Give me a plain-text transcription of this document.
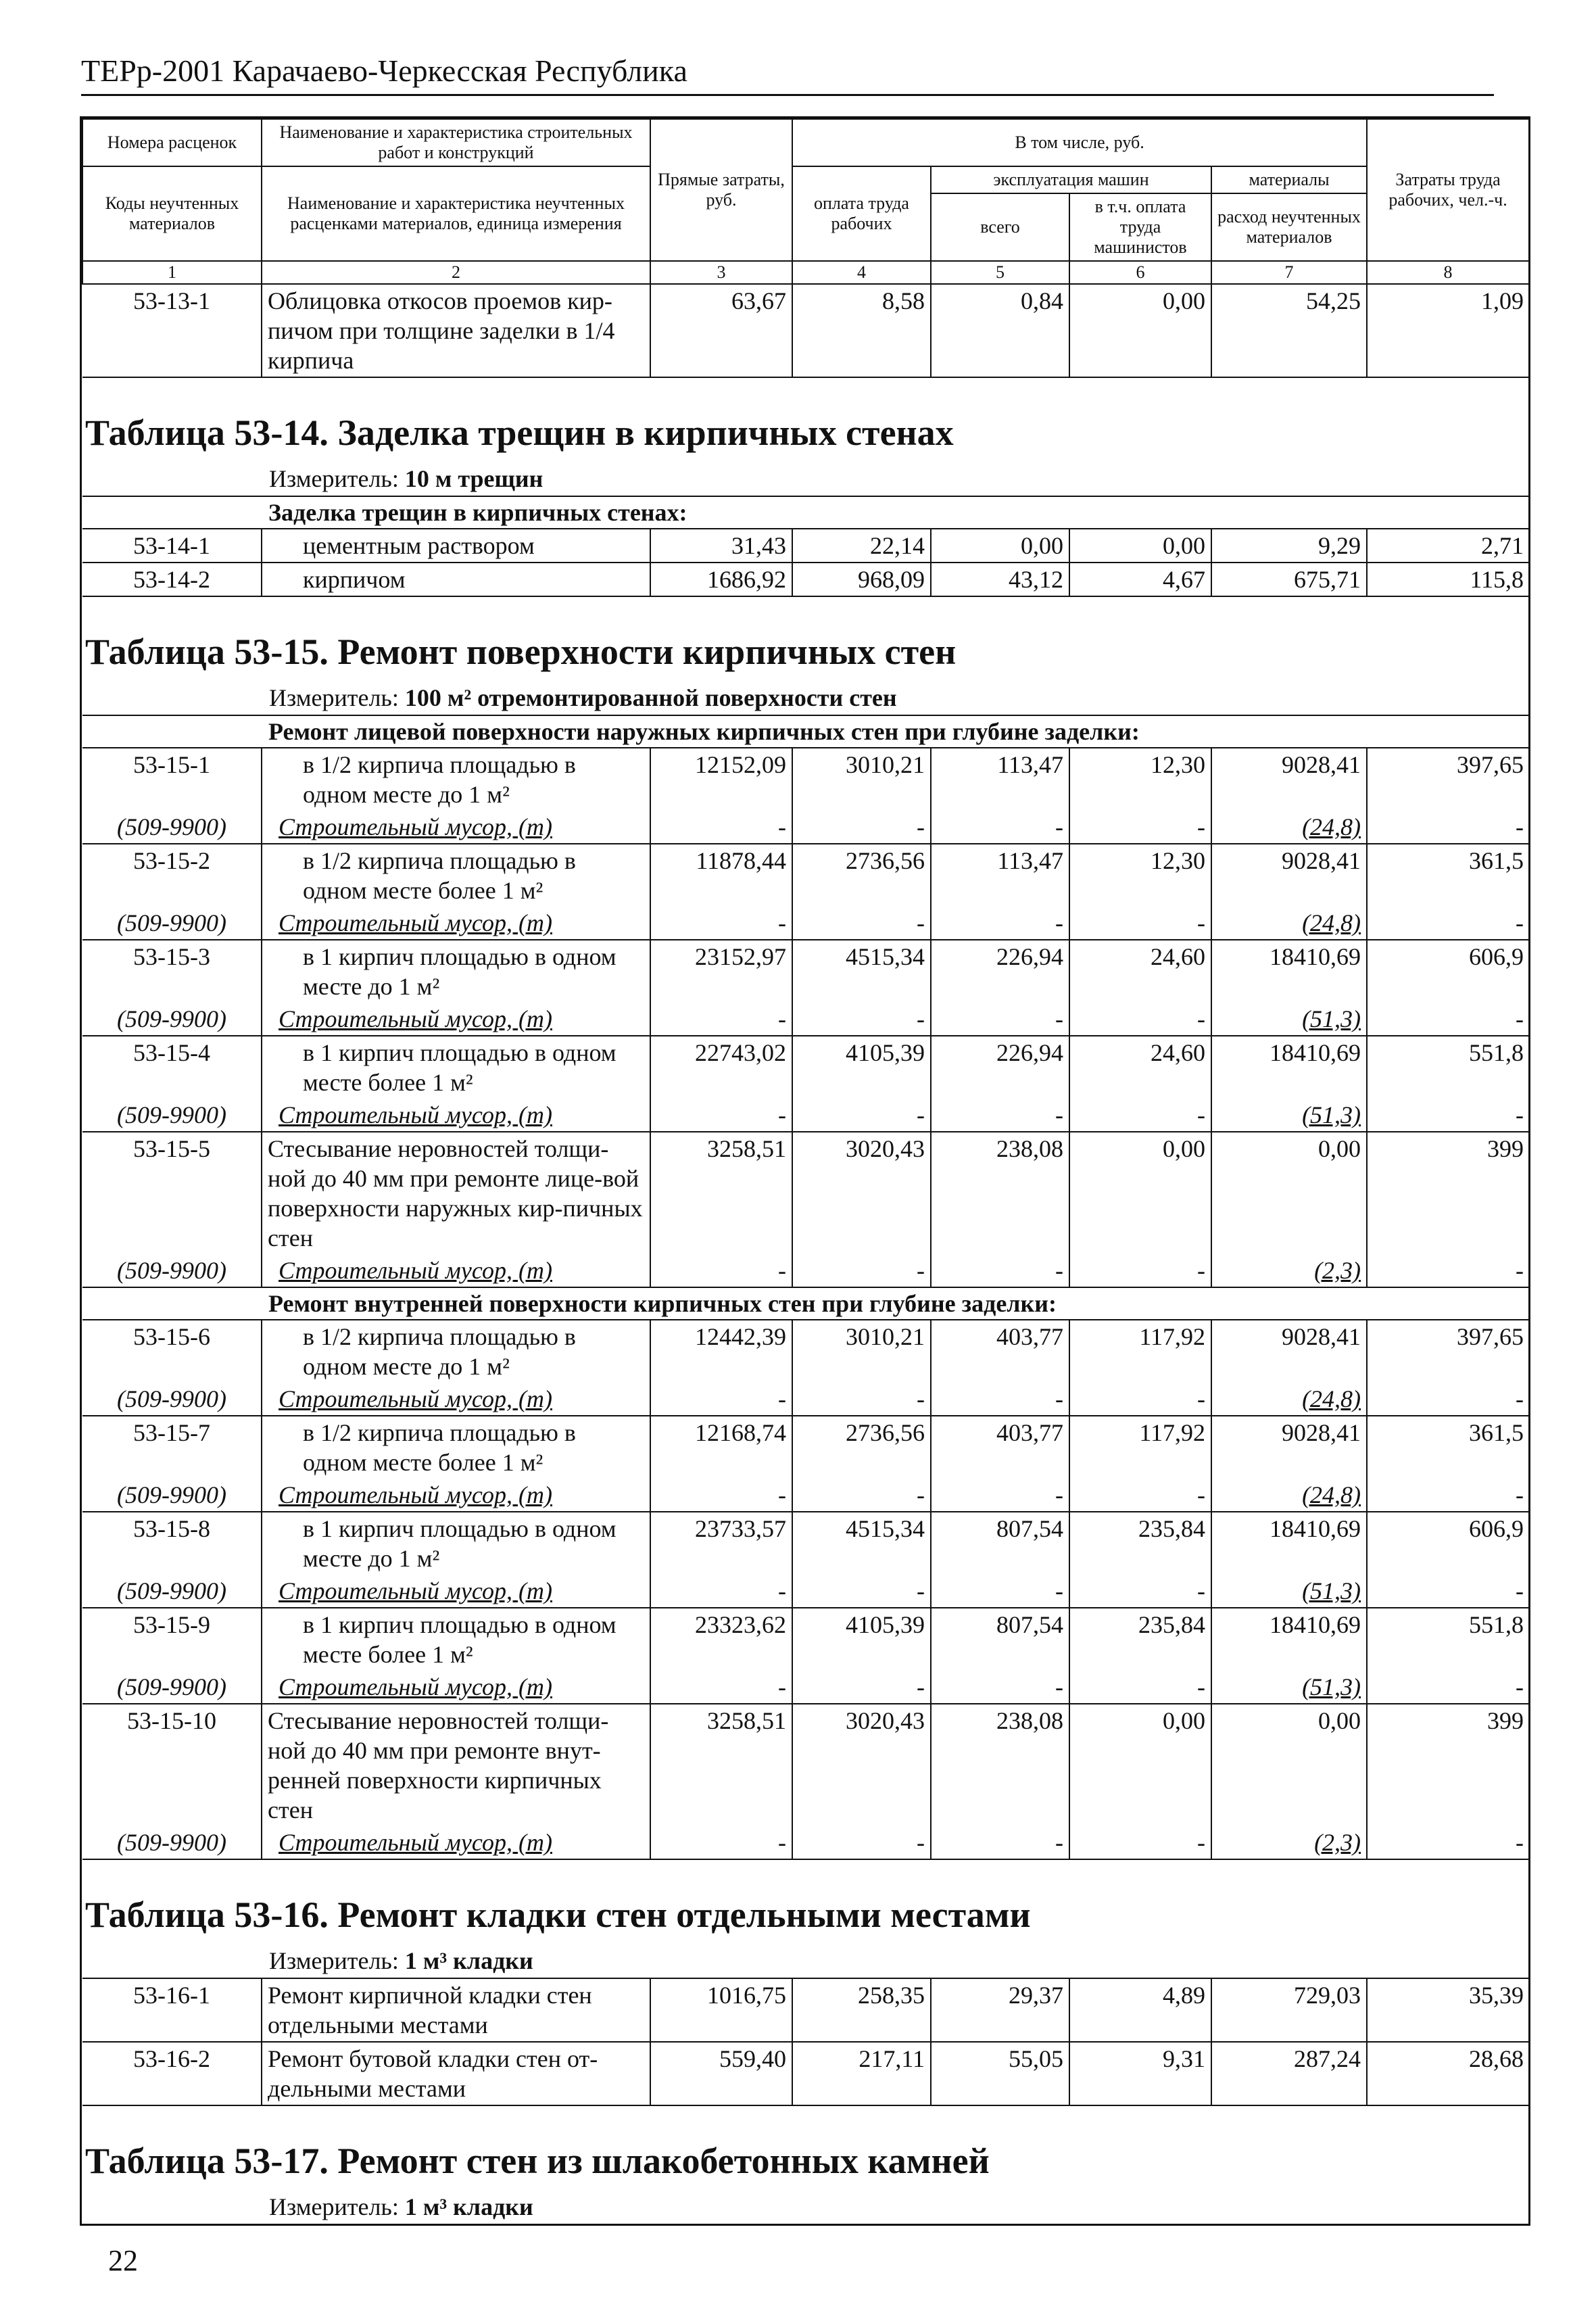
ТЕРр-2001 Карачаево-Черкесская Республика
Номера расценок	Наименование и характеристика строительных работ и конструкций	Прямые затраты, руб.	В том числе, руб.				Затраты труда рабочих, чел.-ч.
Коды неучтенных материалов	Наименование и характеристика неучтенных расценками материалов, единица измерения		оплата труда рабочих	эксплуатация машин		материалы	
				всего	в т.ч. оплата труда машинистов	расход неучтенных материалов	
1	2	3	4	5	6	7	8
53-13-1	Облицовка откосов проемов кир-пичом при толщине заделки в 1/4 кирпича	63,67	8,58	0,84	0,00	54,25	1,09
Таблица 53-14. Заделка трещин в кирпичных стенах							
Измеритель: 10 м трещин							
Заделка трещин в кирпичных стенах:							
53-14-1	цементным раствором	31,43	22,14	0,00	0,00	9,29	2,71
53-14-2	кирпичом	1686,92	968,09	43,12	4,67	675,71	115,8
Таблица 53-15. Ремонт поверхности кирпичных стен							
Измеритель: 100 м² отремонтированной поверхности стен							
Ремонт лицевой поверхности наружных кирпичных стен при глубине заделки:							
53-15-1	в 1/2 кирпича площадью в одном месте до 1 м²	12152,09	3010,21	113,47	12,30	9028,41	397,65
(509-9900)	Строительный мусор, (т)	-	-	-	-	(24,8)	-
53-15-2	в 1/2 кирпича площадью в одном месте более 1 м²	11878,44	2736,56	113,47	12,30	9028,41	361,5
(509-9900)	Строительный мусор, (т)	-	-	-	-	(24,8)	-
53-15-3	в 1 кирпич площадью в одном месте до 1 м²	23152,97	4515,34	226,94	24,60	18410,69	606,9
(509-9900)	Строительный мусор, (т)	-	-	-	-	(51,3)	-
53-15-4	в 1 кирпич площадью в одном месте более 1 м²	22743,02	4105,39	226,94	24,60	18410,69	551,8
(509-9900)	Строительный мусор, (т)	-	-	-	-	(51,3)	-
53-15-5	Стесывание неровностей толщи-ной до 40 мм при ремонте лице-вой поверхности наружных кир-пичных стен	3258,51	3020,43	238,08	0,00	0,00	399
(509-9900)	Строительный мусор, (т)	-	-	-	-	(2,3)	-
Ремонт внутренней поверхности кирпичных стен при глубине заделки:							
53-15-6	в 1/2 кирпича площадью в одном месте до 1 м²	12442,39	3010,21	403,77	117,92	9028,41	397,65
(509-9900)	Строительный мусор, (т)	-	-	-	-	(24,8)	-
53-15-7	в 1/2 кирпича площадью в одном месте более 1 м²	12168,74	2736,56	403,77	117,92	9028,41	361,5
(509-9900)	Строительный мусор, (т)	-	-	-	-	(24,8)	-
53-15-8	в 1 кирпич площадью в одном месте до 1 м²	23733,57	4515,34	807,54	235,84	18410,69	606,9
(509-9900)	Строительный мусор, (т)	-	-	-	-	(51,3)	-
53-15-9	в 1 кирпич площадью в одном месте более 1 м²	23323,62	4105,39	807,54	235,84	18410,69	551,8
(509-9900)	Строительный мусор, (т)	-	-	-	-	(51,3)	-
53-15-10	Стесывание неровностей толщи-ной до 40 мм при ремонте внут-ренней поверхности кирпичных стен	3258,51	3020,43	238,08	0,00	0,00	399
(509-9900)	Строительный мусор, (т)	-	-	-	-	(2,3)	-
Таблица 53-16. Ремонт кладки стен отдельными местами							
Измеритель: 1 м³ кладки							
53-16-1	Ремонт кирпичной кладки стен отдельными местами	1016,75	258,35	29,37	4,89	729,03	35,39
53-16-2	Ремонт бутовой кладки стен от-дельными местами	559,40	217,11	55,05	9,31	287,24	28,68
Таблица 53-17. Ремонт стен из шлакобетонных камней							
Измеритель: 1 м³ кладки							
22
